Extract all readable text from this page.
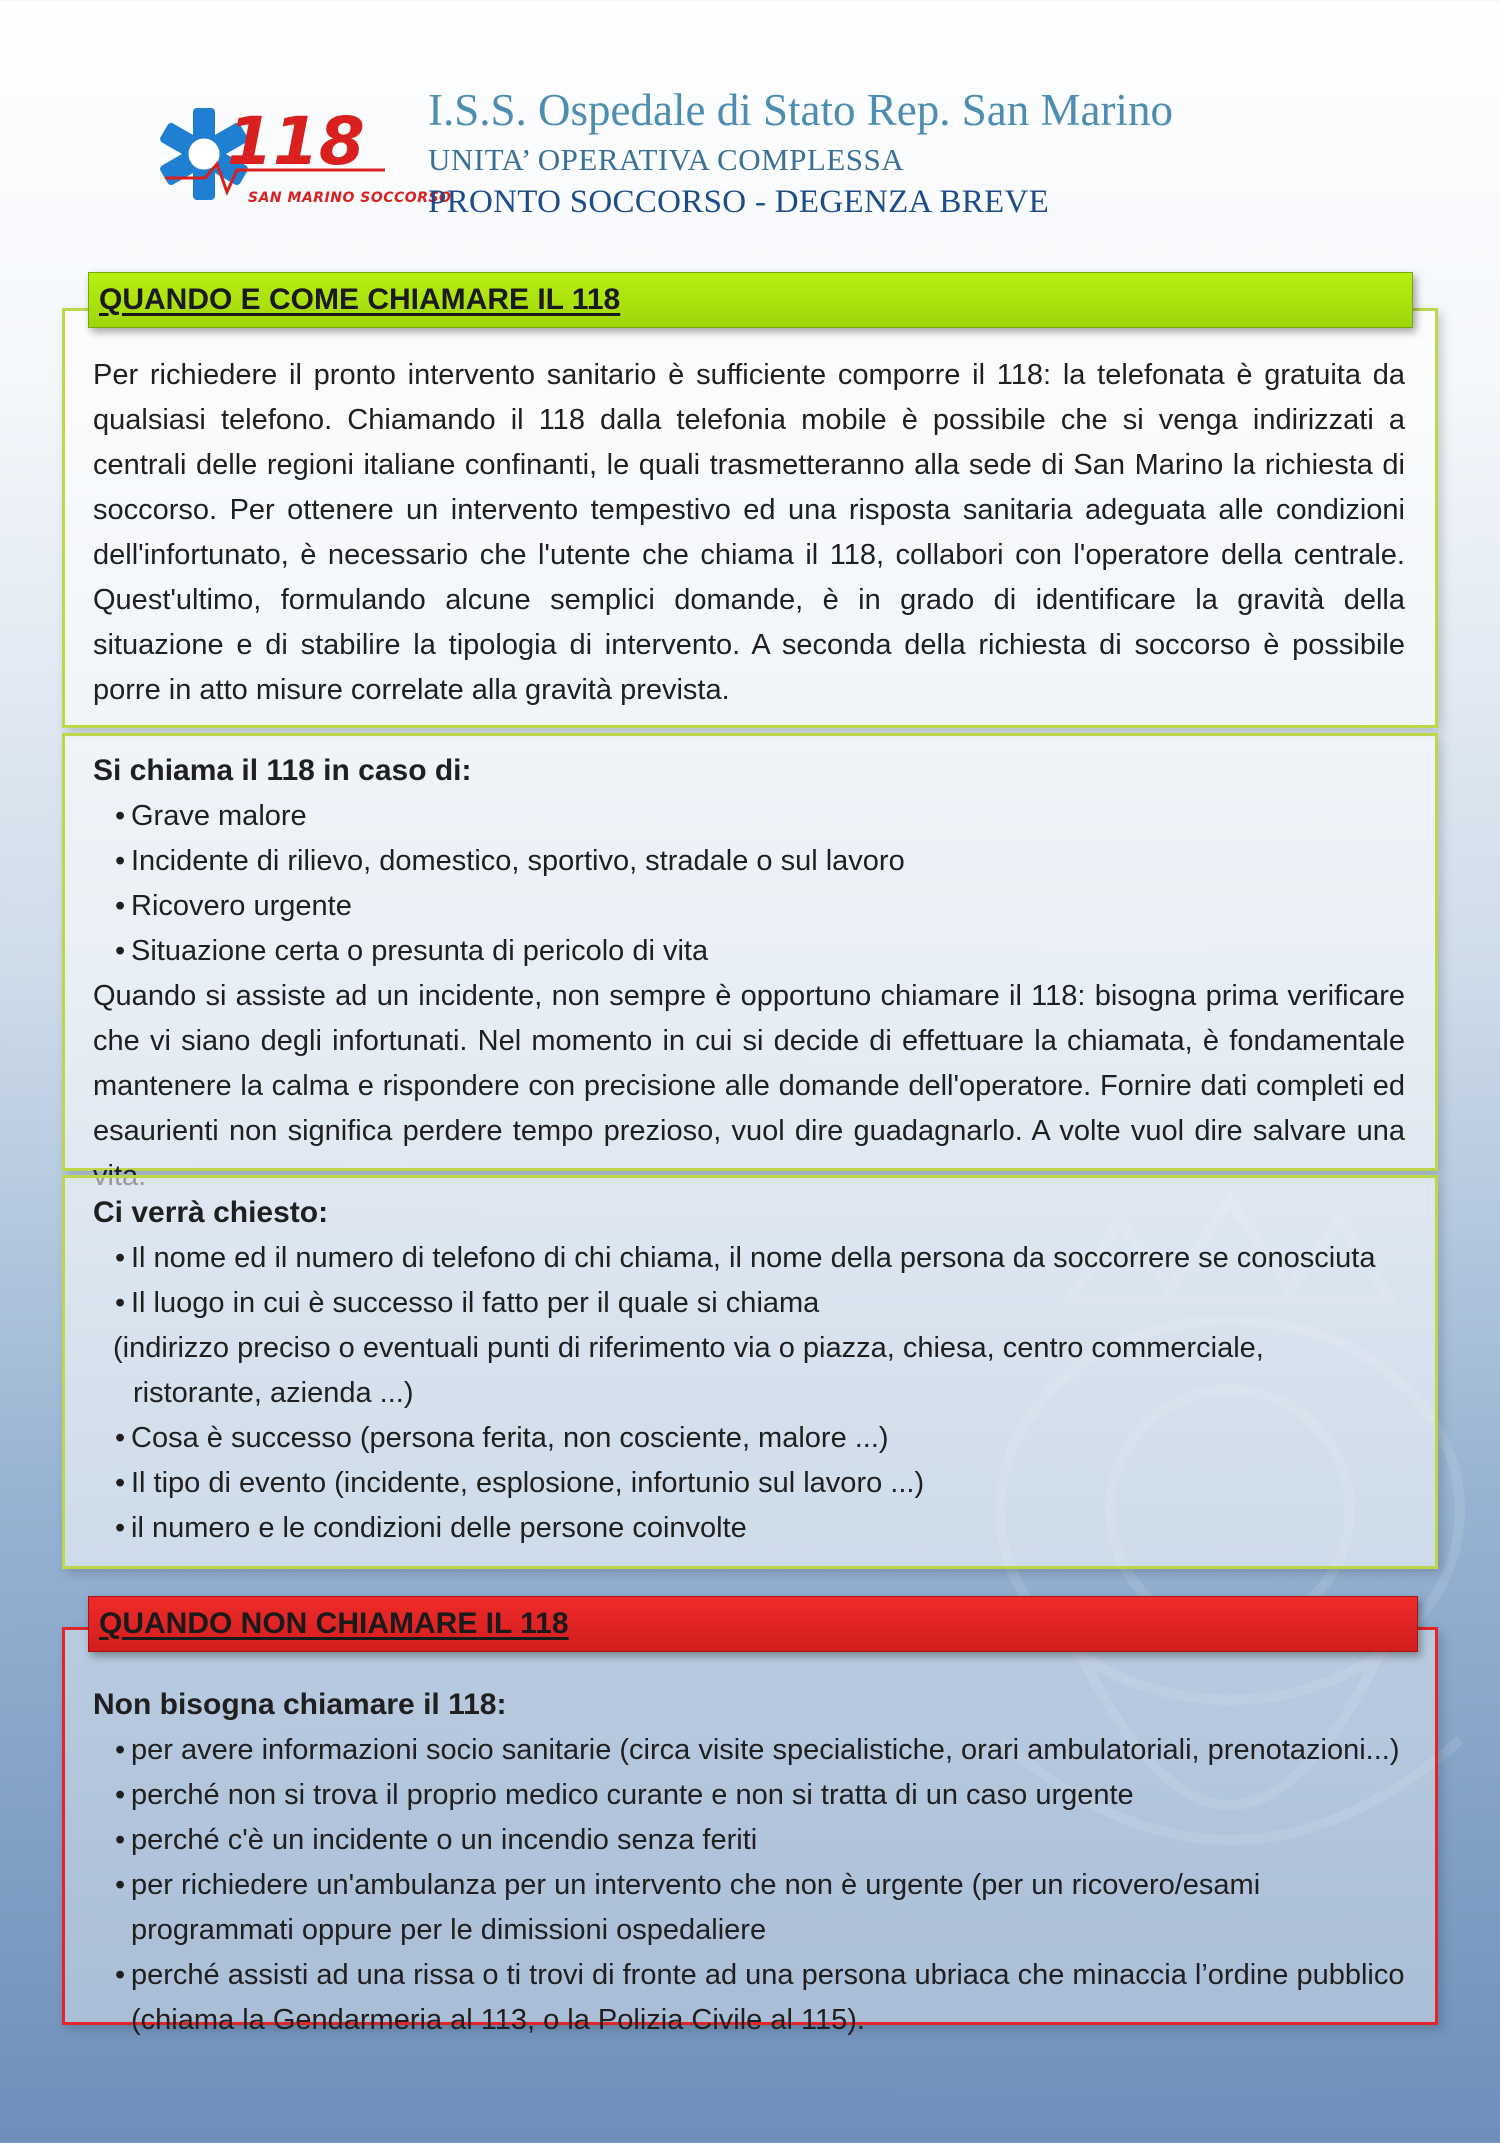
118
SAN MARINO SOCCORSO
I.S.S. Ospedale di Stato Rep. San Marino
UNITA’ OPERATIVA COMPLESSA
PRONTO SOCCORSO - DEGENZA BREVE

Per richiedere il pronto intervento sanitario è sufficiente comporre il 118: la telefonata è gratuita da qualsiasi telefono. Chiamando il 118 dalla telefonia mobile è possibile che si venga indirizzati a centrali delle regioni italiane confinanti, le quali trasmetteranno alla sede di San Marino la richiesta di soccorso. Per ottenere un intervento tempestivo ed una risposta sanitaria adeguata alle condizioni dell'infortunato, è necessario che l'utente che chiama il 118, collabori con l'operatore della centrale. Quest'ultimo, formulando alcune semplici domande, è in grado di identificare la gravità della situazione e di stabilire la tipologia di intervento. A seconda della richiesta di soccorso è possibile porre in atto misure correlate alla gravità prevista.

QUANDO E COME CHIAMARE IL 118
Si chiama il 118 in caso di:
• Grave malore
• Incidente di rilievo, domestico, sportivo, stradale o sul lavoro
• Ricovero urgente
• Situazione certa o presunta di pericolo di vita

Quando si assiste ad un incidente, non sempre è opportuno chiamare il 118: bisogna prima verificare che vi siano degli infortunati. Nel momento in cui si decide di effettuare la chiamata, è fondamentale mantenere la calma e rispondere con precisione alle domande dell'operatore. Fornire dati completi ed esaurienti non significa perdere tempo prezioso, vuol dire guadagnarlo. A volte vuol dire salvare una

Ci verrà chiesto:
• Il nome ed il numero di telefono di chi chiama, il nome della persona da soccorrere se conosciuta
• Il luogo in cui è successo il fatto per il quale si chiama
(indirizzo preciso o eventuali punti di riferimento via o piazza, chiesa, centro commerciale,
ristorante, azienda ...)
• Cosa è successo (persona ferita, non cosciente, malore ...)
• Il tipo di evento (incidente, esplosione, infortunio sul lavoro ...)
• il numero e le condizioni delle persone coinvolte
Non bisogna chiamare il 118:
• per avere informazioni socio sanitarie (circa visite specialistiche, orari ambulatoriali, prenotazioni...)
• perché non si trova il proprio medico curante e non si tratta di un caso urgente
• perché c'è un incidente o un incendio senza feriti
• per richiedere un'ambulanza per un intervento che non è urgente (per un ricovero/esami programmati oppure per le dimissioni ospedaliere
• perché assisti ad una rissa o ti trovi di fronte ad una persona ubriaca che minaccia l’ordine pubblico (chiama la Gendarmeria al 113, o la Polizia Civile al 115).
QUANDO NON CHIAMARE IL 118
